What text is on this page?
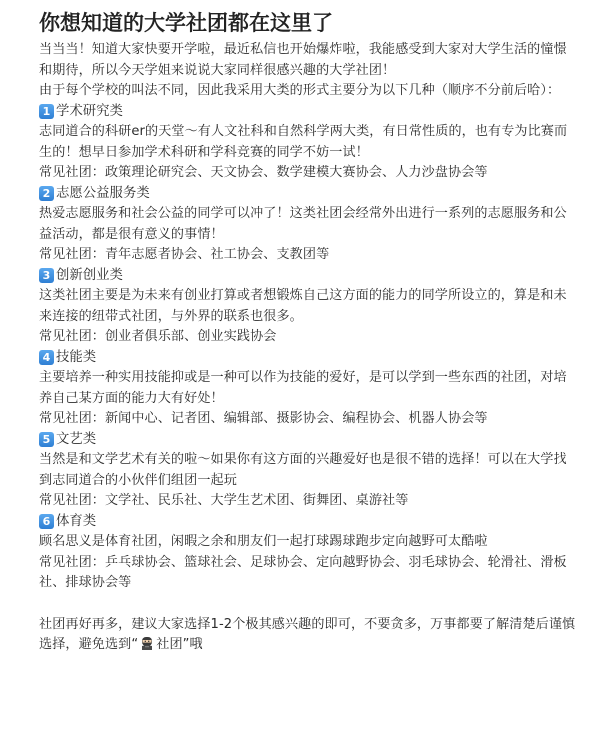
你想知道的大学社团都在这里了

当当当！知道大家快要开学啦，最近私信也开始爆炸啦，我能感受到大家对大学生活的憧憬和期待，所以今天学姐来说说大家同样很感兴趣的大学社团！

由于每个学校的叫法不同，因此我采用大类的形式主要分为以下几种（顺序不分前后哈）：

1 学术研究类

志同道合的科研er的天堂～有人文社科和自然科学两大类，有日常性质的，也有专为比赛而生的！想早日参加学术科研和学科竞赛的同学不妨一试！

常见社团：政策理论研究会、天文协会、数学建模大赛协会、人力沙盘协会等

2 志愿公益服务类

热爱志愿服务和社会公益的同学可以冲了！这类社团会经常外出进行一系列的志愿服务和公益活动，都是很有意义的事情！

常见社团：青年志愿者协会、社工协会、支教团等

3 创新创业类

这类社团主要是为未来有创业打算或者想锻炼自己这方面的能力的同学所设立的，算是和未来连接的纽带式社团，与外界的联系也很多。

常见社团：创业者俱乐部、创业实践协会

4 技能类

主要培养一种实用技能抑或是一种可以作为技能的爱好，是可以学到一些东西的社团，对培养自己某方面的能力大有好处！

常见社团：新闻中心、记者团、编辑部、摄影协会、编程协会、机器人协会等

5 文艺类

当然是和文学艺术有关的啦～如果你有这方面的兴趣爱好也是很不错的选择！可以在大学找到志同道合的小伙伴们组团一起玩

常见社团：文学社、民乐社、大学生艺术团、街舞团、桌游社等

6 体育类

顾名思义是体育社团，闲暇之余和朋友们一起打球踢球跑步定向越野可太酷啦

常见社团：乒乓球协会、篮球社会、足球协会、定向越野协会、羽毛球协会、轮滑社、滑板社、排球协会等

社团再好再多，建议大家选择1-2个极其感兴趣的即可，不要贪多，万事都要了解清楚后谨慎选择，避免选到“ 社团”哦
